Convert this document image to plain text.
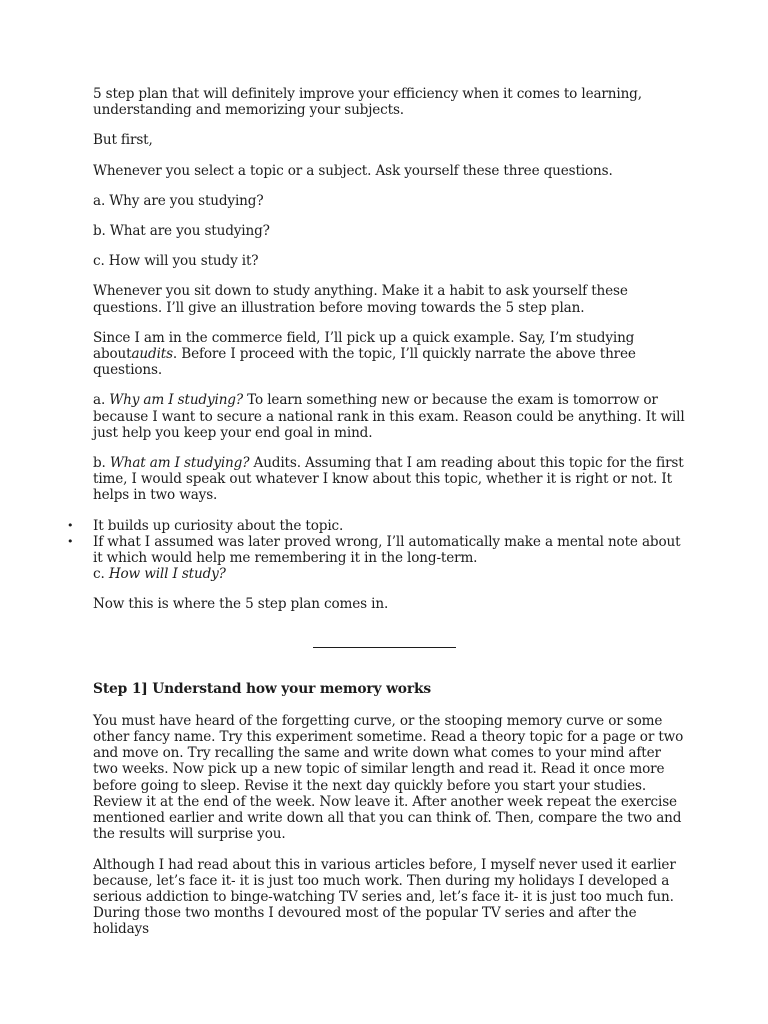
5 step plan that will definitely improve your efficiency when it comes to learning, understanding and memorizing your subjects.

But first,

Whenever you select a topic or a subject. Ask yourself these three questions.

a. Why are you studying?

b. What are you studying?

c. How will you study it?

Whenever you sit down to study anything. Make it a habit to ask yourself these questions. I’ll give an illustration before moving towards the 5 step plan.

Since I am in the commerce field, I’ll pick up a quick example. Say, I’m studying aboutaudits. Before I proceed with the topic, I’ll quickly narrate the above three questions.

a. Why am I studying? To learn something new or because the exam is tomorrow or because I want to secure a national rank in this exam. Reason could be anything. It will just help you keep your end goal in mind.

b. What am I studying? Audits. Assuming that I am reading about this topic for the first time, I would speak out whatever I know about this topic, whether it is right or not. It helps in two ways.

• It builds up curiosity about the topic.
• If what I assumed was later proved wrong, I’ll automatically make a mental note about it which would help me remembering it in the long-term.

c. How will I study?

Now this is where the 5 step plan comes in.

Step 1] Understand how your memory works

You must have heard of the forgetting curve, or the stooping memory curve or some other fancy name. Try this experiment sometime. Read a theory topic for a page or two and move on. Try recalling the same and write down what comes to your mind after two weeks. Now pick up a new topic of similar length and read it. Read it once more before going to sleep. Revise it the next day quickly before you start your studies. Review it at the end of the week. Now leave it. After another week repeat the exercise mentioned earlier and write down all that you can think of. Then, compare the two and the results will surprise you.

Although I had read about this in various articles before, I myself never used it earlier because, let’s face it- it is just too much work. Then during my holidays I developed a serious addiction to binge-watching TV series and, let’s face it- it is just too much fun. During those two months I devoured most of the popular TV series and after the holidays
